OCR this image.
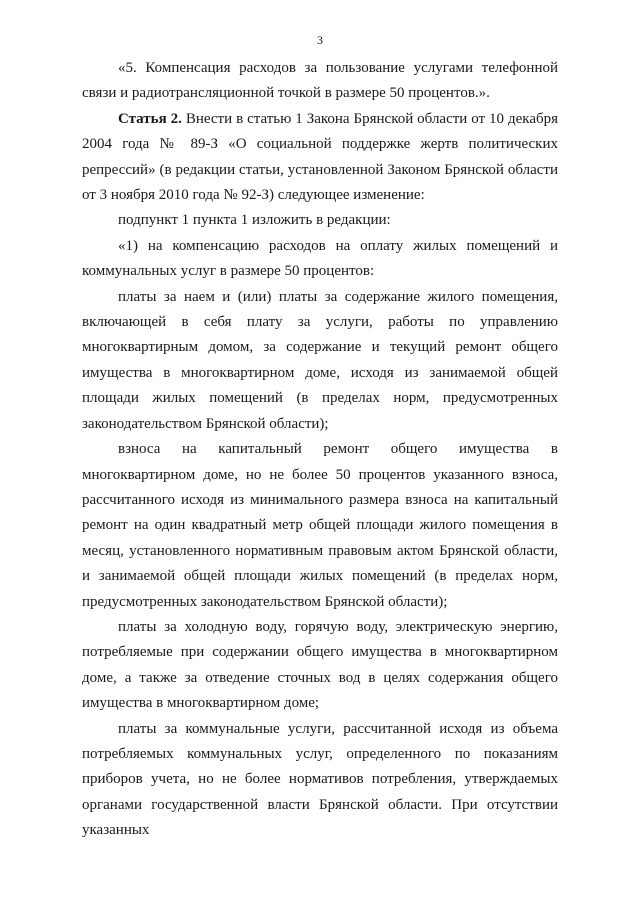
3

«5. Компенсация расходов за пользование услугами телефонной связи и радиотрансляционной точкой в размере 50 процентов.».

Статья 2. Внести в статью 1 Закона Брянской области от 10 декабря 2004 года № 89-З «О социальной поддержке жертв политических репрессий» (в редакции статьи, установленной Законом Брянской области от 3 ноября 2010 года № 92-З) следующее изменение:

подпункт 1 пункта 1 изложить в редакции:

«1) на компенсацию расходов на оплату жилых помещений и коммунальных услуг в размере 50 процентов:

платы за наем и (или) платы за содержание жилого помещения, включающей в себя плату за услуги, работы по управлению многоквартирным домом, за содержание и текущий ремонт общего имущества в многоквартирном доме, исходя из занимаемой общей площади жилых помещений (в пределах норм, предусмотренных законодательством Брянской области);

взноса на капитальный ремонт общего имущества в многоквартирном доме, но не более 50 процентов указанного взноса, рассчитанного исходя из минимального размера взноса на капитальный ремонт на один квадратный метр общей площади жилого помещения в месяц, установленного нормативным правовым актом Брянской области, и занимаемой общей площади жилых помещений (в пределах норм, предусмотренных законодательством Брянской области);

платы за холодную воду, горячую воду, электрическую энергию, потребляемые при содержании общего имущества в многоквартирном доме, а также за отведение сточных вод в целях содержания общего имущества в многоквартирном доме;

платы за коммунальные услуги, рассчитанной исходя из объема потребляемых коммунальных услуг, определенного по показаниям приборов учета, но не более нормативов потребления, утверждаемых органами государственной власти Брянской области. При отсутствии указанных
